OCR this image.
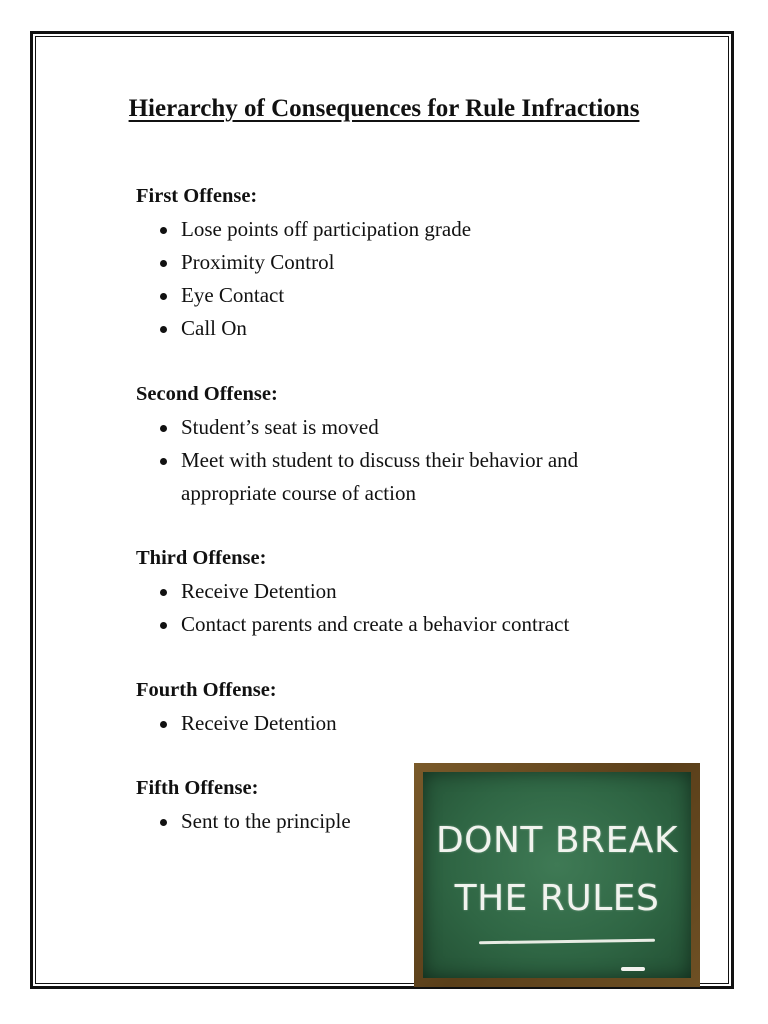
Hierarchy of Consequences for Rule Infractions

First Offense:

Lose points off participation grade
Proximity Control
Eye Contact
Call On

Second Offense:

Student’s seat is moved
Meet with student to discuss their behavior and appropriate course of action

Third Offense:

Receive Detention
Contact parents and create a behavior contract

Fourth Offense:

Receive Detention

Fifth Offense:

Sent to the principle	DONT BREAK
THE RULES
